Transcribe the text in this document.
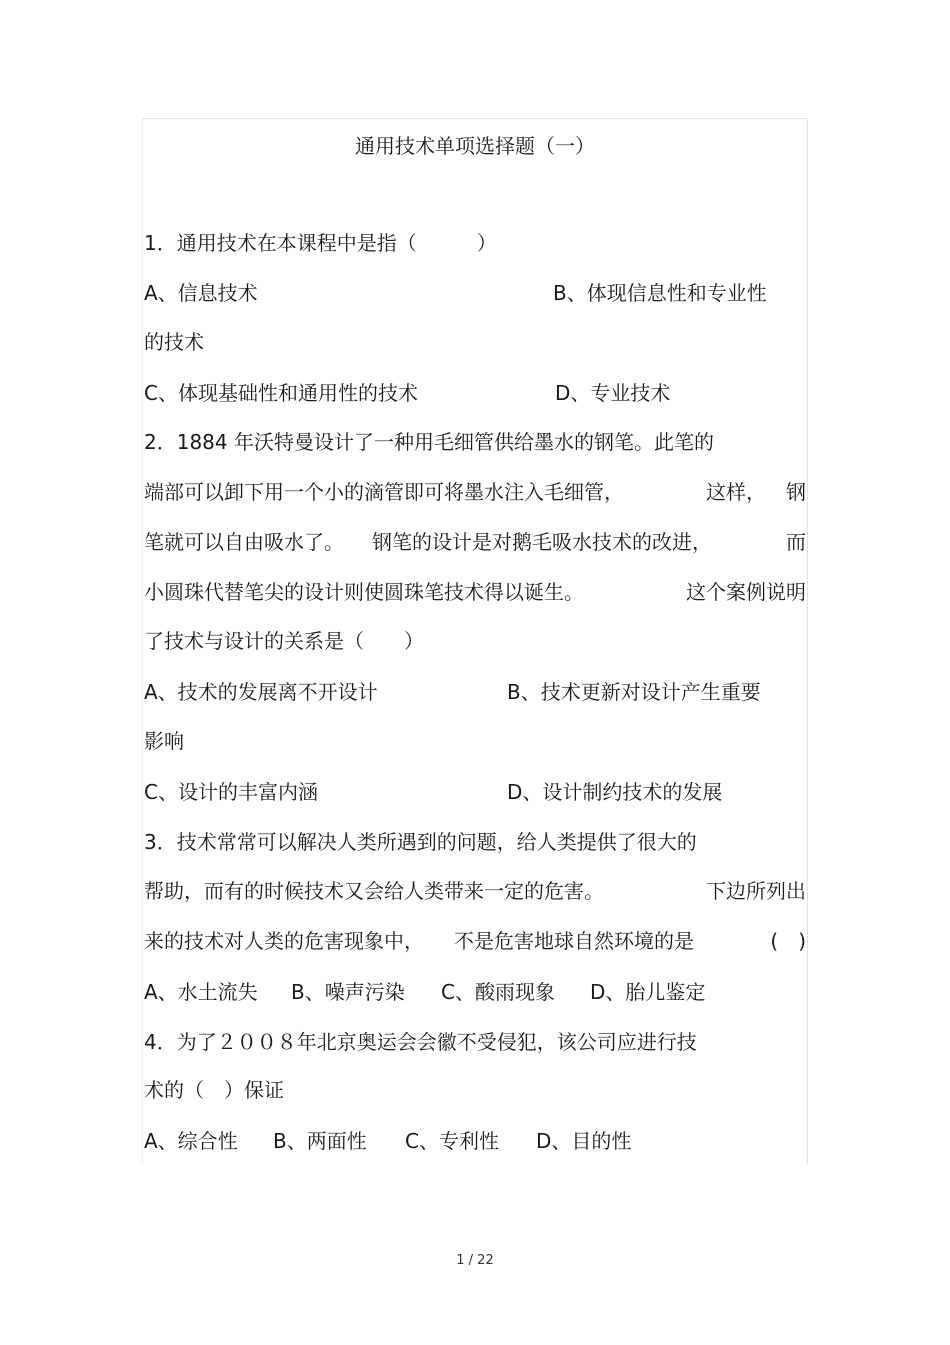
通用技术单项选择题（一）
1．通用技术在本课程中是指（　　　）
A、信息技术	B、体现信息性和专业性
的技术
C、体现基础性和通用性的技术	D、专业技术
2．1884 年沃特曼设计了一种用毛细管供给墨水的钢笔。此笔的
端部可以卸下用一个小的滴管即可将墨水注入毛细管，	这样， 钢
笔就可以自由吸水了。 钢笔的设计是对鹅毛吸水技术的改进，	而
小圆珠代替笔尖的设计则使圆珠笔技术得以诞生。	这个案例说明
了技术与设计的关系是（　　）
A、技术的发展离不开设计	B、技术更新对设计产生重要
影响
C、设计的丰富内涵	D、设计制约技术的发展
3．技术常常可以解决人类所遇到的问题，给人类提供了很大的
帮助，而有的时候技术又会给人类带来一定的危害。	下边所列出
来的技术对人类的危害现象中， 不是危害地球自然环境的是	(　)
A、水土流失 B、噪声污染 C、酸雨现象 D、胎儿鉴定
4．为了２００８年北京奥运会会徽不受侵犯，该公司应进行技
术的（　）保证
A、综合性 B、两面性 C、专利性 D、目的性
1 / 22
